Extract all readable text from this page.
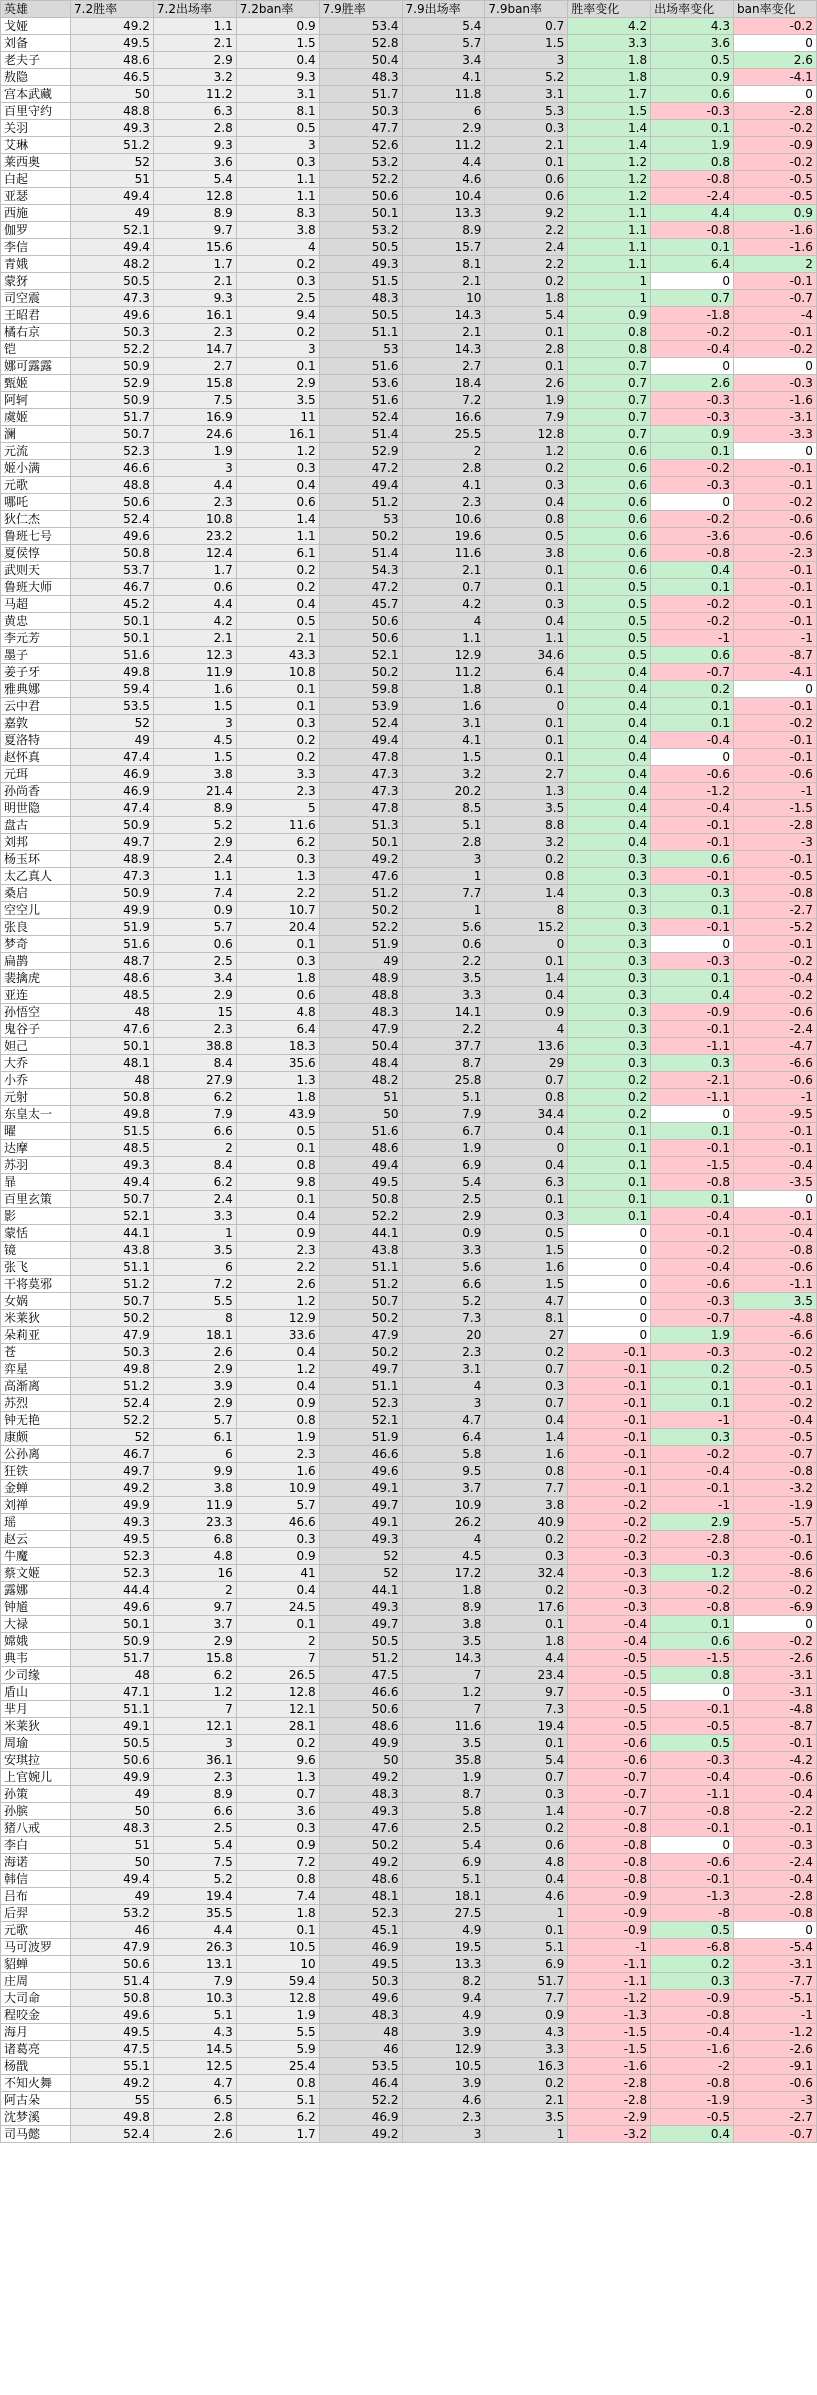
英雄	7.2胜率	7.2出场率	7.2ban率	7.9胜率	7.9出场率	7.9ban率	胜率变化	出场率变化	ban率变化
戈娅	49.2	1.1	0.9	53.4	5.4	0.7	4.2	4.3	-0.2
刘备	49.5	2.1	1.5	52.8	5.7	1.5	3.3	3.6	0
老夫子	48.6	2.9	0.4	50.4	3.4	3	1.8	0.5	2.6
敖隐	46.5	3.2	9.3	48.3	4.1	5.2	1.8	0.9	-4.1
宫本武藏	50	11.2	3.1	51.7	11.8	3.1	1.7	0.6	0
百里守约	48.8	6.3	8.1	50.3	6	5.3	1.5	-0.3	-2.8
关羽	49.3	2.8	0.5	47.7	2.9	0.3	1.4	0.1	-0.2
艾琳	51.2	9.3	3	52.6	11.2	2.1	1.4	1.9	-0.9
莱西奥	52	3.6	0.3	53.2	4.4	0.1	1.2	0.8	-0.2
白起	51	5.4	1.1	52.2	4.6	0.6	1.2	-0.8	-0.5
亚瑟	49.4	12.8	1.1	50.6	10.4	0.6	1.2	-2.4	-0.5
西施	49	8.9	8.3	50.1	13.3	9.2	1.1	4.4	0.9
伽罗	52.1	9.7	3.8	53.2	8.9	2.2	1.1	-0.8	-1.6
李信	49.4	15.6	4	50.5	15.7	2.4	1.1	0.1	-1.6
青娥	48.2	1.7	0.2	49.3	8.1	2.2	1.1	6.4	2
蒙犽	50.5	2.1	0.3	51.5	2.1	0.2	1	0	-0.1
司空震	47.3	9.3	2.5	48.3	10	1.8	1	0.7	-0.7
王昭君	49.6	16.1	9.4	50.5	14.3	5.4	0.9	-1.8	-4
橘右京	50.3	2.3	0.2	51.1	2.1	0.1	0.8	-0.2	-0.1
铠	52.2	14.7	3	53	14.3	2.8	0.8	-0.4	-0.2
娜可露露	50.9	2.7	0.1	51.6	2.7	0.1	0.7	0	0
甄姬	52.9	15.8	2.9	53.6	18.4	2.6	0.7	2.6	-0.3
阿轲	50.9	7.5	3.5	51.6	7.2	1.9	0.7	-0.3	-1.6
虞姬	51.7	16.9	11	52.4	16.6	7.9	0.7	-0.3	-3.1
澜	50.7	24.6	16.1	51.4	25.5	12.8	0.7	0.9	-3.3
元流	52.3	1.9	1.2	52.9	2	1.2	0.6	0.1	0
姬小满	46.6	3	0.3	47.2	2.8	0.2	0.6	-0.2	-0.1
元歌	48.8	4.4	0.4	49.4	4.1	0.3	0.6	-0.3	-0.1
哪吒	50.6	2.3	0.6	51.2	2.3	0.4	0.6	0	-0.2
狄仁杰	52.4	10.8	1.4	53	10.6	0.8	0.6	-0.2	-0.6
鲁班七号	49.6	23.2	1.1	50.2	19.6	0.5	0.6	-3.6	-0.6
夏侯惇	50.8	12.4	6.1	51.4	11.6	3.8	0.6	-0.8	-2.3
武则天	53.7	1.7	0.2	54.3	2.1	0.1	0.6	0.4	-0.1
鲁班大师	46.7	0.6	0.2	47.2	0.7	0.1	0.5	0.1	-0.1
马超	45.2	4.4	0.4	45.7	4.2	0.3	0.5	-0.2	-0.1
黄忠	50.1	4.2	0.5	50.6	4	0.4	0.5	-0.2	-0.1
李元芳	50.1	2.1	2.1	50.6	1.1	1.1	0.5	-1	-1
墨子	51.6	12.3	43.3	52.1	12.9	34.6	0.5	0.6	-8.7
姜子牙	49.8	11.9	10.8	50.2	11.2	6.4	0.4	-0.7	-4.1
雅典娜	59.4	1.6	0.1	59.8	1.8	0.1	0.4	0.2	0
云中君	53.5	1.5	0.1	53.9	1.6	0	0.4	0.1	-0.1
嘉敦	52	3	0.3	52.4	3.1	0.1	0.4	0.1	-0.2
夏洛特	49	4.5	0.2	49.4	4.1	0.1	0.4	-0.4	-0.1
赵怀真	47.4	1.5	0.2	47.8	1.5	0.1	0.4	0	-0.1
元珥	46.9	3.8	3.3	47.3	3.2	2.7	0.4	-0.6	-0.6
孙尚香	46.9	21.4	2.3	47.3	20.2	1.3	0.4	-1.2	-1
明世隐	47.4	8.9	5	47.8	8.5	3.5	0.4	-0.4	-1.5
盘古	50.9	5.2	11.6	51.3	5.1	8.8	0.4	-0.1	-2.8
刘邦	49.7	2.9	6.2	50.1	2.8	3.2	0.4	-0.1	-3
杨玉环	48.9	2.4	0.3	49.2	3	0.2	0.3	0.6	-0.1
太乙真人	47.3	1.1	1.3	47.6	1	0.8	0.3	-0.1	-0.5
桑启	50.9	7.4	2.2	51.2	7.7	1.4	0.3	0.3	-0.8
空空儿	49.9	0.9	10.7	50.2	1	8	0.3	0.1	-2.7
张良	51.9	5.7	20.4	52.2	5.6	15.2	0.3	-0.1	-5.2
梦奇	51.6	0.6	0.1	51.9	0.6	0	0.3	0	-0.1
扁鹊	48.7	2.5	0.3	49	2.2	0.1	0.3	-0.3	-0.2
裴擒虎	48.6	3.4	1.8	48.9	3.5	1.4	0.3	0.1	-0.4
亚连	48.5	2.9	0.6	48.8	3.3	0.4	0.3	0.4	-0.2
孙悟空	48	15	4.8	48.3	14.1	0.9	0.3	-0.9	-0.6
鬼谷子	47.6	2.3	6.4	47.9	2.2	4	0.3	-0.1	-2.4
妲己	50.1	38.8	18.3	50.4	37.7	13.6	0.3	-1.1	-4.7
大乔	48.1	8.4	35.6	48.4	8.7	29	0.3	0.3	-6.6
小乔	48	27.9	1.3	48.2	25.8	0.7	0.2	-2.1	-0.6
元射	50.8	6.2	1.8	51	5.1	0.8	0.2	-1.1	-1
东皇太一	49.8	7.9	43.9	50	7.9	34.4	0.2	0	-9.5
曜	51.5	6.6	0.5	51.6	6.7	0.4	0.1	0.1	-0.1
达摩	48.5	2	0.1	48.6	1.9	0	0.1	-0.1	-0.1
苏羽	49.3	8.4	0.8	49.4	6.9	0.4	0.1	-1.5	-0.4
暃	49.4	6.2	9.8	49.5	5.4	6.3	0.1	-0.8	-3.5
百里玄策	50.7	2.4	0.1	50.8	2.5	0.1	0.1	0.1	0
影	52.1	3.3	0.4	52.2	2.9	0.3	0.1	-0.4	-0.1
蒙恬	44.1	1	0.9	44.1	0.9	0.5	0	-0.1	-0.4
镜	43.8	3.5	2.3	43.8	3.3	1.5	0	-0.2	-0.8
张飞	51.1	6	2.2	51.1	5.6	1.6	0	-0.4	-0.6
干将莫邪	51.2	7.2	2.6	51.2	6.6	1.5	0	-0.6	-1.1
女娲	50.7	5.5	1.2	50.7	5.2	4.7	0	-0.3	3.5
米莱狄	50.2	8	12.9	50.2	7.3	8.1	0	-0.7	-4.8
朵莉亚	47.9	18.1	33.6	47.9	20	27	0	1.9	-6.6
苍	50.3	2.6	0.4	50.2	2.3	0.2	-0.1	-0.3	-0.2
弈星	49.8	2.9	1.2	49.7	3.1	0.7	-0.1	0.2	-0.5
高渐离	51.2	3.9	0.4	51.1	4	0.3	-0.1	0.1	-0.1
苏烈	52.4	2.9	0.9	52.3	3	0.7	-0.1	0.1	-0.2
钟无艳	52.2	5.7	0.8	52.1	4.7	0.4	-0.1	-1	-0.4
康颇	52	6.1	1.9	51.9	6.4	1.4	-0.1	0.3	-0.5
公孙离	46.7	6	2.3	46.6	5.8	1.6	-0.1	-0.2	-0.7
狂铁	49.7	9.9	1.6	49.6	9.5	0.8	-0.1	-0.4	-0.8
金蝉	49.2	3.8	10.9	49.1	3.7	7.7	-0.1	-0.1	-3.2
刘禅	49.9	11.9	5.7	49.7	10.9	3.8	-0.2	-1	-1.9
瑶	49.3	23.3	46.6	49.1	26.2	40.9	-0.2	2.9	-5.7
赵云	49.5	6.8	0.3	49.3	4	0.2	-0.2	-2.8	-0.1
牛魔	52.3	4.8	0.9	52	4.5	0.3	-0.3	-0.3	-0.6
蔡文姬	52.3	16	41	52	17.2	32.4	-0.3	1.2	-8.6
露娜	44.4	2	0.4	44.1	1.8	0.2	-0.3	-0.2	-0.2
钟馗	49.6	9.7	24.5	49.3	8.9	17.6	-0.3	-0.8	-6.9
大禄	50.1	3.7	0.1	49.7	3.8	0.1	-0.4	0.1	0
嫦娥	50.9	2.9	2	50.5	3.5	1.8	-0.4	0.6	-0.2
典韦	51.7	15.8	7	51.2	14.3	4.4	-0.5	-1.5	-2.6
少司缘	48	6.2	26.5	47.5	7	23.4	-0.5	0.8	-3.1
盾山	47.1	1.2	12.8	46.6	1.2	9.7	-0.5	0	-3.1
芈月	51.1	7	12.1	50.6	7	7.3	-0.5	-0.1	-4.8
米莱狄	49.1	12.1	28.1	48.6	11.6	19.4	-0.5	-0.5	-8.7
周瑜	50.5	3	0.2	49.9	3.5	0.1	-0.6	0.5	-0.1
安琪拉	50.6	36.1	9.6	50	35.8	5.4	-0.6	-0.3	-4.2
上官婉儿	49.9	2.3	1.3	49.2	1.9	0.7	-0.7	-0.4	-0.6
孙策	49	8.9	0.7	48.3	8.7	0.3	-0.7	-1.1	-0.4
孙膑	50	6.6	3.6	49.3	5.8	1.4	-0.7	-0.8	-2.2
猪八戒	48.3	2.5	0.3	47.6	2.5	0.2	-0.8	-0.1	-0.1
李白	51	5.4	0.9	50.2	5.4	0.6	-0.8	0	-0.3
海诺	50	7.5	7.2	49.2	6.9	4.8	-0.8	-0.6	-2.4
韩信	49.4	5.2	0.8	48.6	5.1	0.4	-0.8	-0.1	-0.4
吕布	49	19.4	7.4	48.1	18.1	4.6	-0.9	-1.3	-2.8
后羿	53.2	35.5	1.8	52.3	27.5	1	-0.9	-8	-0.8
元歌	46	4.4	0.1	45.1	4.9	0.1	-0.9	0.5	0
马可波罗	47.9	26.3	10.5	46.9	19.5	5.1	-1	-6.8	-5.4
貂蝉	50.6	13.1	10	49.5	13.3	6.9	-1.1	0.2	-3.1
庄周	51.4	7.9	59.4	50.3	8.2	51.7	-1.1	0.3	-7.7
大司命	50.8	10.3	12.8	49.6	9.4	7.7	-1.2	-0.9	-5.1
程咬金	49.6	5.1	1.9	48.3	4.9	0.9	-1.3	-0.8	-1
海月	49.5	4.3	5.5	48	3.9	4.3	-1.5	-0.4	-1.2
诸葛亮	47.5	14.5	5.9	46	12.9	3.3	-1.5	-1.6	-2.6
杨戬	55.1	12.5	25.4	53.5	10.5	16.3	-1.6	-2	-9.1
不知火舞	49.2	4.7	0.8	46.4	3.9	0.2	-2.8	-0.8	-0.6
阿古朵	55	6.5	5.1	52.2	4.6	2.1	-2.8	-1.9	-3
沈梦溪	49.8	2.8	6.2	46.9	2.3	3.5	-2.9	-0.5	-2.7
司马懿	52.4	2.6	1.7	49.2	3	1	-3.2	0.4	-0.7
